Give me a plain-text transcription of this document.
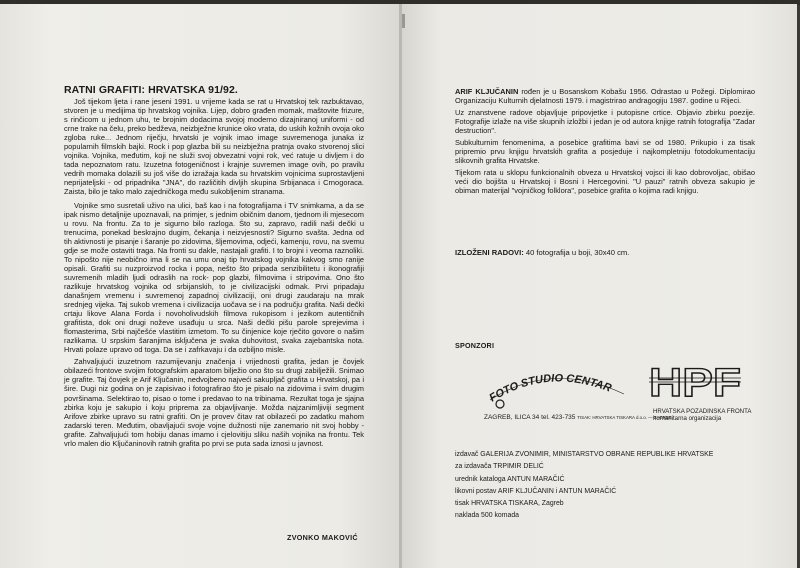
RATNI GRAFITI: HRVATSKA 91/92.

Još tijekom ljeta i rane jeseni 1991. u vrijeme kada se rat u Hrvatskoj tek razbuktavao, stvoren je u medijima tip hrvatskog vojnika. Lijep, dobro građen momak, maštovite frizure, s rinčicom u jednom uhu, te brojnim dodacima svojoj moderno dizajniranoj uniformi - od crne trake na čelu, preko bedževa, neizbježne krunice oko vrata, do uskih kožnih ovoja oko zgloba ruke... Jednom riječju, hrvatski je vojnik imao image suvremenoga junaka iz popularnih filmskih bajki. Rock i pop glazba bili su neizbježna pratnja ovako stvorenoj slici vojnika. Vojnika, međutim, koji ne služi svoj obvezatni vojni rok, već ratuje u divljem i do tada nepoznatom ratu. Izuzetna fotogeničnost i krajnje suvremen image ovih, po pravilu vedrih momaka dolazili su još više do izražaja kada su hrvatskim vojnicima suprostavljeni neprijateljski - od pripadnika "JNA", do različitih divljih skupina Srbijanaca i Crnogoraca. Zaista, bilo je tako malo zajedničkoga među sukobljenim stranama.

Vojnike smo susretali uživo na ulici, baš kao i na fotografijama i TV snimkama, a da se ipak nismo detaljnije upoznavali, na primjer, s jednim običnim danom, tjednom ili mjesecom u rovu. Na frontu. Za to je sigurno bilo razloga. Što su, zapravo, radili naši dečki u trenucima, ponekad beskrajno dugim, čekanja i neizvjesnosti? Sigurno svašta. Jedna od tih aktivnosti je pisanje i šaranje po zidovima, šljemovima, odjeći, kamenju, rovu, na svemu gdje se može ostaviti traga. Na fronti su dakle, nastajali grafiti. I to brojni i veoma raznoliki. To nipošto nije neobično ima li se na umu onaj tip hrvatskog vojnika kakvog smo ranije opisali. Grafiti su nuzproizvod rocka i popa, nešto što pripada senzibilitetu i ikonografiji suvremenih mladih ljudi odraslih na rock- pop glazbi, filmovima i stripovima. Ono što razlikuje hrvatskog vojnika od srbijanskih, to je civilizacijski odmak. Prvi pripadaju današnjem vremenu i suvremenoj zapadnoj civilizaciji, oni drugi zaudaraju na mrak srednjeg vijeka. Taj sukob vremena i civilizacija uočava se i na području grafita. Naši dečki crtaju likove Alana Forda i novoholivudskih filmova rukopisom i jezikom autentičnih grafitista, dok oni drugi noževe usađuju u srca. Naši dečki pišu parole sprejevima i flomasterima, Srbi najčešće vlastitim izmetom. To su činjenice koje rječito govore o našim razlikama. U srpskim šaranjima isključena je svaka duhovitost, svaka zajebantska nota. Hrvati polaze upravo od toga. Da se i zafrkavaju i da ozbiljno misle.

Zahvaljujući izuzetnom razumijevanju značenja i vrijednosti grafita, jedan je čovjek obilazeći frontove svojim fotografskim aparatom bilježio ono što su drugi zabilježili. Snimao je grafite. Taj čovjek je Arif Ključanin, nedvojbeno najveći sakupljač grafita u Hrvatskoj, pa i šire. Dugi niz godina on je zapisivao i fotografirao što je pisalo na zidovima i svim drugim površinama. Selektirao to, pisao o tome i predavao to na tribinama. Rezultat toga je sjajna zbirka koju je sakupio i koju priprema za objavljivanje. Možda najzanimljiviji segment Arifove zbirke upravo su ratni grafiti. On je provev čitav rat obilazeći po zadatku mahom zadarski teren. Međutim, obavljajući svoje vojne dužnosti nije zanemario nit svoj hobby - grafite. Zahvaljujući tom hobiju danas imamo i cjelovitiju sliku naših vojnika na frontu. Tek vrlo malen dio Ključaninovih ratnih grafita po prvi se puta sada iznosi u javnost.

ZVONKO MAKOVIĆ

ARIF KLJUČANIN rođen je u Bosanskom Kobašu 1956. Odrastao u Požegi. Diplomirao Organizaciju Kulturnih djelatnosti 1979. i magistrirao andragogiju 1987. godine u Rijeci.

Uz znanstvene radove objavljuje pripovjetke i putopisne crtice. Objavio zbirku poezije. Fotografije izlaže na više skupnih izložbi i jedan je od autora knjige ratnih fotografija "Zadar destruction".

Subkulturnim fenomenima, a posebice grafitima bavi se od 1980. Prikupio i za tisak pripremio prvu knjigu hrvatskih grafita a posjeduje i najkompletniju fotodokumentaciju slikovnih grafita Hrvatske.

Tijekom rata u sklopu funkcionalnih obveza u Hrvatskoj vojsci ili kao dobrovoljac, obišao veći dio bojišta u Hrvatskoj i Bosni i Hercegovini. "U pauzi" ratnih obveza sakupio je obiman materijal "vojničkog folklora", posebice grafita o kojima radi knjigu.

IZLOŽENI RADOVI: 40 fotografija u boji, 30x40 cm.
SPONZORI
FOTO STUDIO CENTAR
ZAGREB, ILICA 34 tel. 423-735 TISAK: HRVATSKA TISKARA d.o.o. — ZAGREB
HPF
HRVATSKA POZADINSKA FRONTA
humanitarna organizacija
izdavač GALERIJA ZVONIMIR, MINISTARSTVO OBRANE REPUBLIKE HRVATSKE
za izdavača TRPIMIR DELIĆ
urednik kataloga ANTUN MARAČIĆ
likovni postav ARIF KLJUČANIN i ANTUN MARAČIĆ
tisak HRVATSKA TISKARA, Zagreb
naklada 500 komada
